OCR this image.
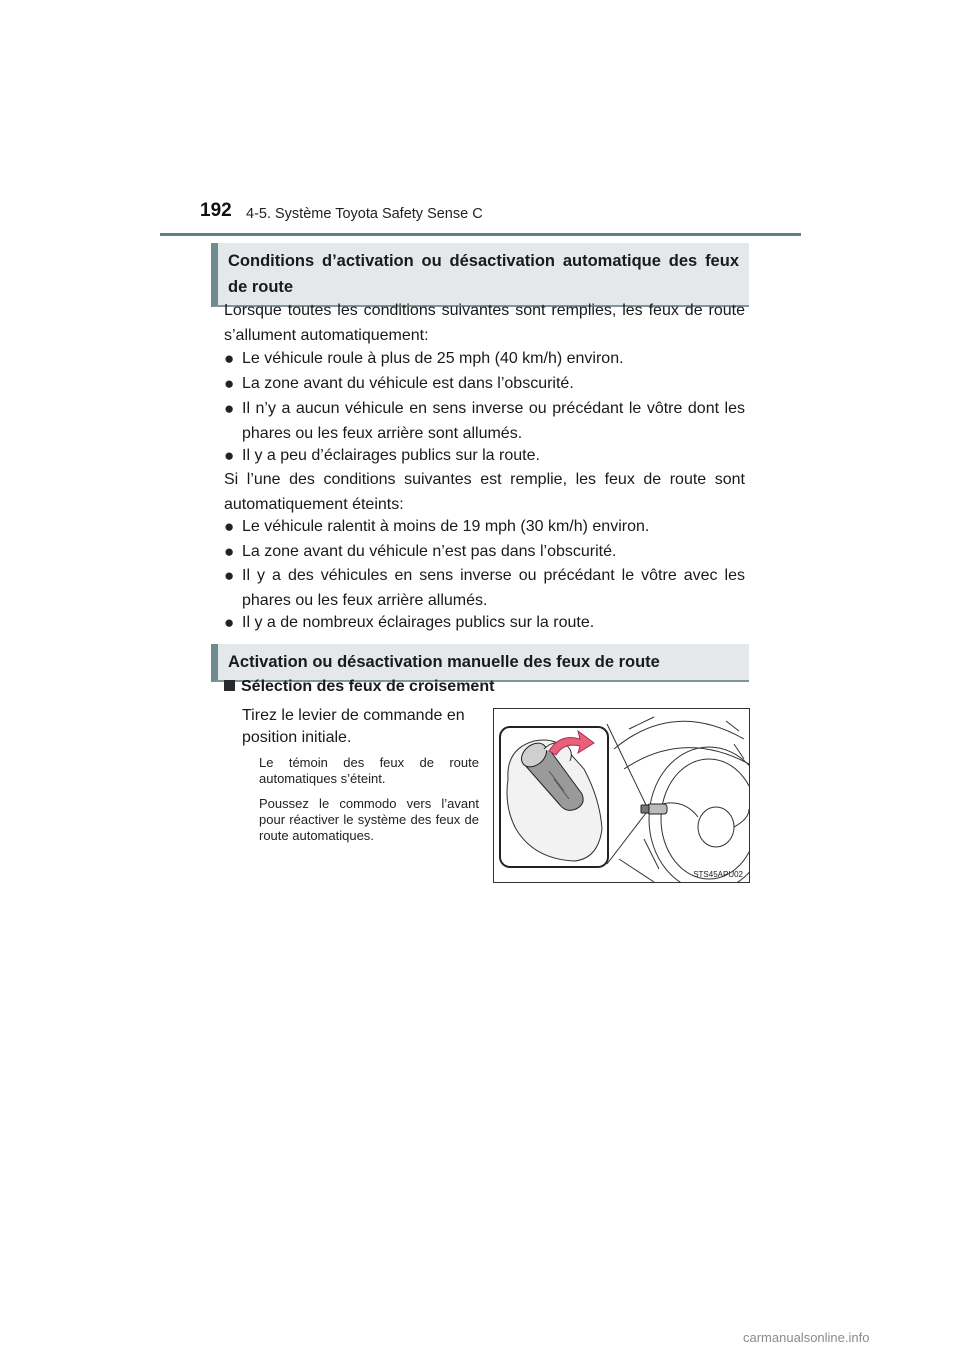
192 4-5. Système Toyota Safety Sense C
Conditions d’activation ou désactivation automatique des feux de route

Lorsque toutes les conditions suivantes sont remplies, les feux de route s’allument automatiquement:

● Le véhicule roule à plus de 25 mph (40 km/h) environ.
● La zone avant du véhicule est dans l’obscurité.
● Il n’y a aucun véhicule en sens inverse ou précédant le vôtre dont les phares ou les feux arrière sont allumés.
● Il y a peu d’éclairages publics sur la route.

Si l’une des conditions suivantes est remplie, les feux de route sont automatiquement éteints:

● Le véhicule ralentit à moins de 19 mph (30 km/h) environ.
● La zone avant du véhicule n’est pas dans l’obscurité.
● Il y a des véhicules en sens inverse ou précédant le vôtre avec les phares ou les feux arrière allumés.
● Il y a de nombreux éclairages publics sur la route.
Activation ou désactivation manuelle des feux de route
Sélection des feux de croisement
Tirez le levier de commande en position initiale.
Le témoin des feux de route automatiques s’éteint.
Poussez le commodo vers l’avant pour réactiver le système des feux de route automatiques.
STS45APU02
carmanualsonline.info
